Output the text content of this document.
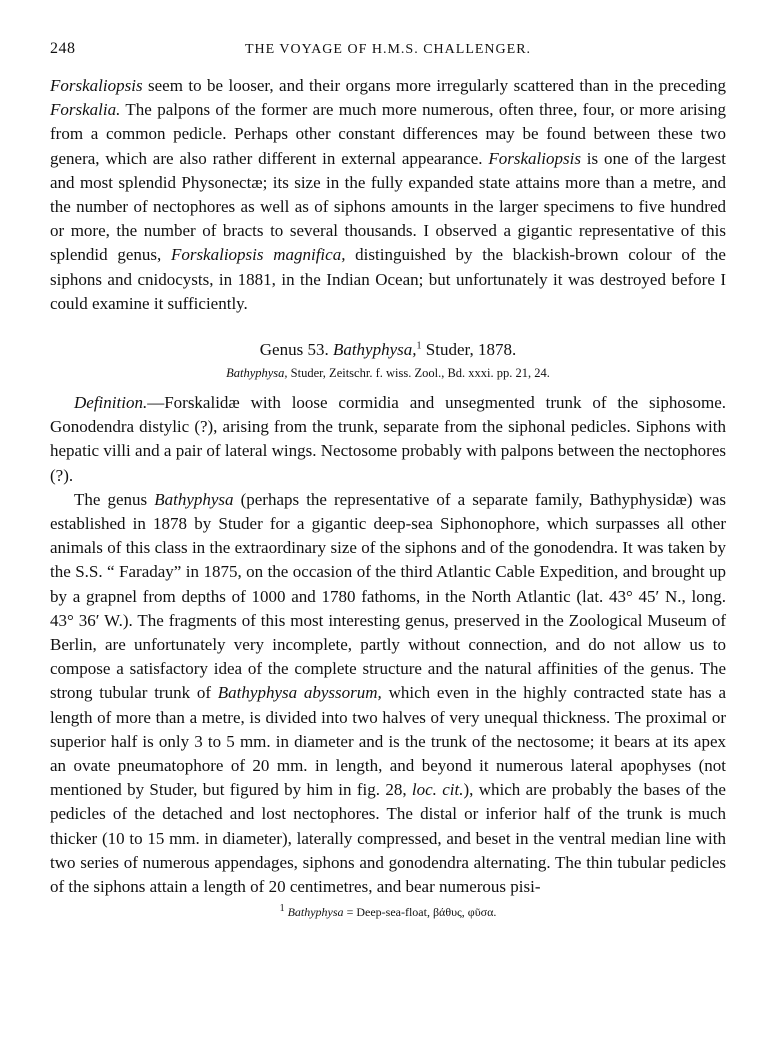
248	THE VOYAGE OF H.M.S. CHALLENGER.

Forskaliopsis seem to be looser, and their organs more irregularly scattered than in the preceding Forskalia. The palpons of the former are much more numerous, often three, four, or more arising from a common pedicle. Perhaps other constant differences may be found between these two genera, which are also rather different in external appearance. Forskaliopsis is one of the largest and most splendid Physonectæ; its size in the fully expanded state attains more than a metre, and the number of nectophores as well as of siphons amounts in the larger specimens to five hundred or more, the number of bracts to several thousands. I observed a gigantic representative of this splendid genus, Forskaliopsis magnifica, distinguished by the blackish-brown colour of the siphons and cnidocysts, in 1881, in the Indian Ocean; but unfortunately it was destroyed before I could examine it sufficiently.

Genus 53. Bathyphysa,$^1$ Studer, 1878.
Bathyphysa, Studer, Zeitschr. f. wiss. Zool., Bd. xxxi. pp. 21, 24.

Definition.—Forskalidæ with loose cormidia and unsegmented trunk of the siphosome. Gonodendra distylic (?), arising from the trunk, separate from the siphonal pedicles. Siphons with hepatic villi and a pair of lateral wings. Nectosome probably with palpons between the nectophores (?).

The genus Bathyphysa (perhaps the representative of a separate family, Bathyphysidæ) was established in 1878 by Studer for a gigantic deep-sea Siphonophore, which surpasses all other animals of this class in the extraordinary size of the siphons and of the gonodendra. It was taken by the S.S. “ Faraday” in 1875, on the occasion of the third Atlantic Cable Expedition, and brought up by a grapnel from depths of 1000 and 1780 fathoms, in the North Atlantic (lat. 43° 45′ N., long. 43° 36′ W.). The fragments of this most interesting genus, preserved in the Zoological Museum of Berlin, are unfortunately very incomplete, partly without connection, and do not allow us to compose a satisfactory idea of the complete structure and the natural affinities of the genus. The strong tubular trunk of Bathyphysa abyssorum, which even in the highly contracted state has a length of more than a metre, is divided into two halves of very unequal thickness. The proximal or superior half is only 3 to 5 mm. in diameter and is the trunk of the nectosome; it bears at its apex an ovate pneumatophore of 20 mm. in length, and beyond it numerous lateral apophyses (not mentioned by Studer, but figured by him in fig. 28, loc. cit.), which are probably the bases of the pedicles of the detached and lost nectophores. The distal or inferior half of the trunk is much thicker (10 to 15 mm. in diameter), laterally compressed, and beset in the ventral median line with two series of numerous appendages, siphons and gonodendra alternating. The thin tubular pedicles of the siphons attain a length of 20 centimetres, and bear numerous pisi-

$^1$ Bathyphysa = Deep-sea-float, βάθυς, φῦσα.
